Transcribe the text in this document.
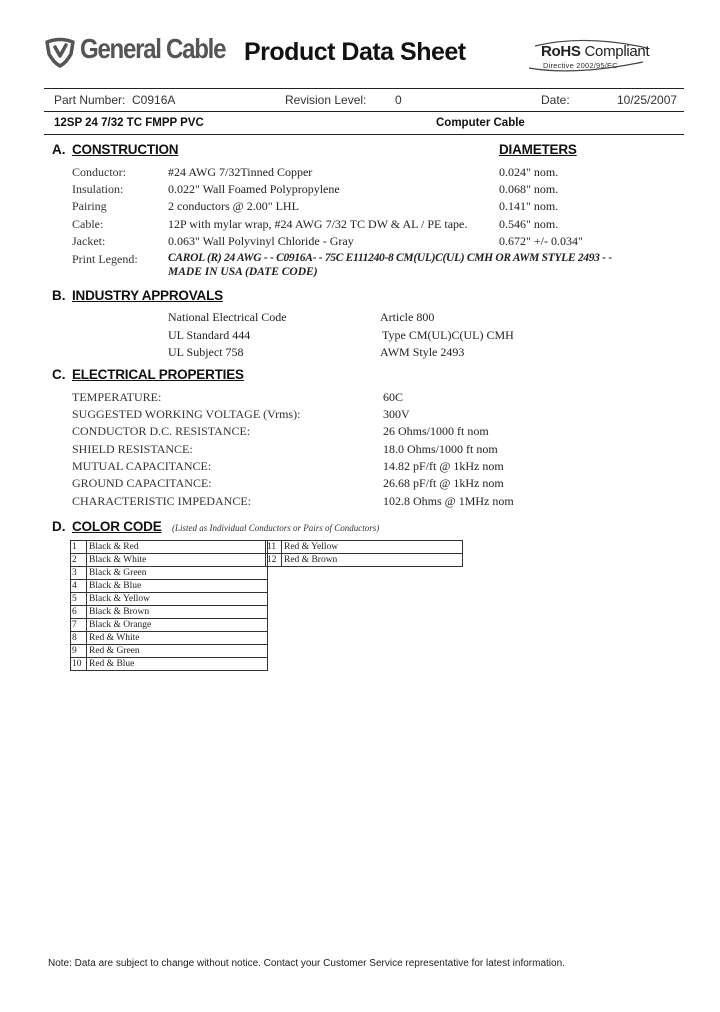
General Cable Product Data Sheet	RoHS Compliant
Directive 2002/95/EC
Part Number: C0916A	Revision Level: 0	Date:	10/25/2007
12SP 24 7/32 TC FMPP PVC	Computer Cable
A. CONSTRUCTION	DIAMETERS
Conductor:	#24 AWG 7/32Tinned Copper	0.024" nom.
Insulation:	0.022" Wall Foamed Polypropylene	0.068" nom.
Pairing	2 conductors @ 2.00" LHL	0.141" nom.
Cable:	12P with mylar wrap, #24 AWG 7/32 TC DW & AL / PE tape.	0.546" nom.
Jacket:	0.063" Wall Polyvinyl Chloride - Gray	0.672" +/- 0.034"
Print Legend:	CAROL (R) 24 AWG - - C0916A- - 75C E111240-8 CM(UL)C(UL) CMH OR AWM STYLE 2493 - -
MADE IN USA (DATE CODE)
B. INDUSTRY APPROVALS
National Electrical Code	Article 800
UL Standard 444	Type CM(UL)C(UL) CMH
UL Subject 758	AWM Style 2493
C. ELECTRICAL PROPERTIES
TEMPERATURE:	60C
SUGGESTED WORKING VOLTAGE (Vrms):	300V
CONDUCTOR D.C. RESISTANCE:	26 Ohms/1000 ft nom
SHIELD RESISTANCE:	18.0 Ohms/1000 ft nom
MUTUAL CAPACITANCE:	14.82 pF/ft @ 1kHz nom
GROUND CAPACITANCE:	26.68 pF/ft @ 1kHz nom
CHARACTERISTIC IMPEDANCE:	102.8 Ohms @ 1MHz nom
D. COLOR CODE (Listed as Individual Conductors or Pairs of Conductors)
1	Black & Red
2	Black & White
3	Black & Green
4	Black & Blue
5	Black & Yellow
6	Black & Brown
7	Black & Orange
8	Red & White
9	Red & Green
10	Red & Blue
11	Red & Yellow
12	Red & Brown
Note: Data are subject to change without notice. Contact your Customer Service representative for latest information.
